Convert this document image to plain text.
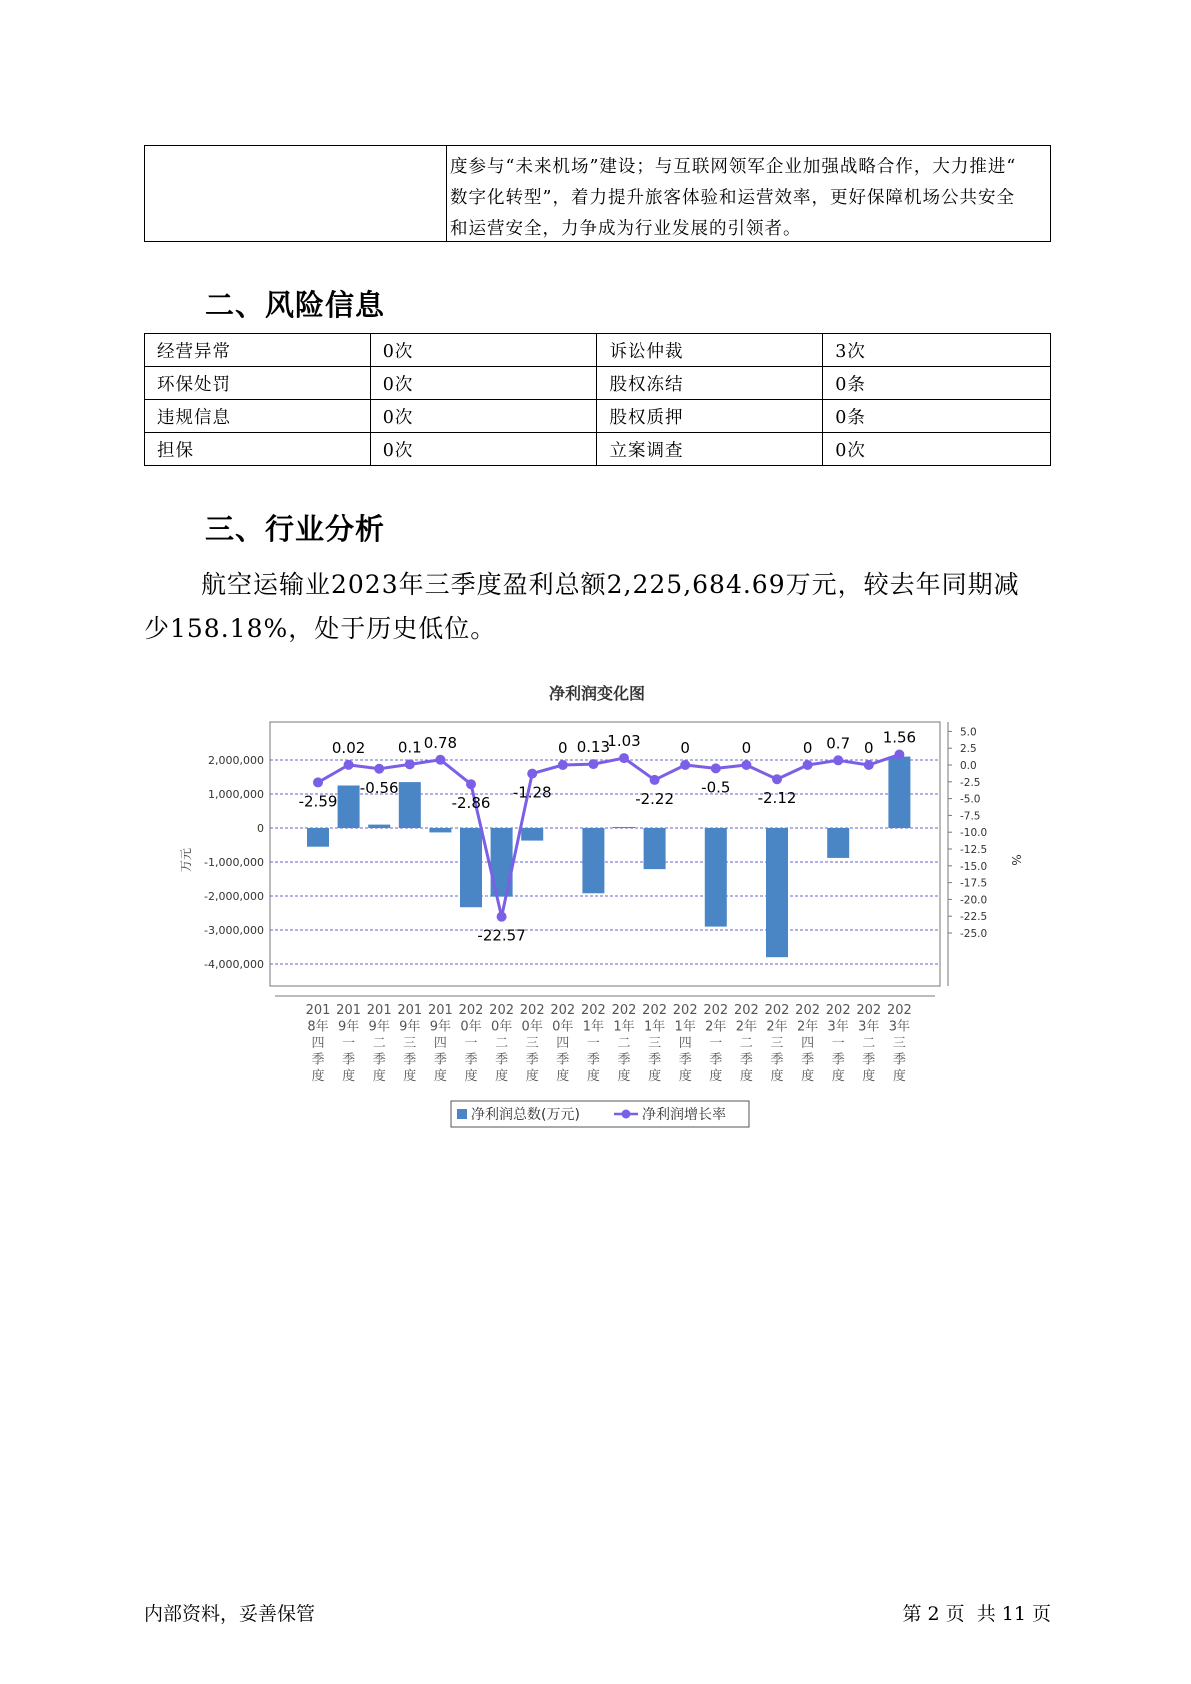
度参与“未来机场”建设；与互联网领军企业加强战略合作，大力推进“
数字化转型”，着力提升旅客体验和运营效率，更好保障机场公共安全
和运营安全，力争成为行业发展的引领者。
二、风险信息
经营异常	0次	诉讼仲裁	3次
环保处罚	0次	股权冻结	0条
违规信息	0次	股权质押	0条
担保	0次	立案调查	0次
三、行业分析
航空运输业2023年三季度盈利总额2,225,684.69万元，较去年同期减
少158.18%，处于历史低位。
净利润变化图
2,000,000
1,000,000
0
-1,000,000
-2,000,000
-3,000,000
-4,000,000
5.0
2.5
0.0
-2.5
-5.0
-7.5
-10.0
-12.5
-15.0
-17.5
-20.0
-22.5
-25.0
-2.59
0.02
-0.56
0.1 0.78
-2.86
-22.57
-1.28
0 0.13
1.03
-2.22
0
-0.5
0
-2.12
0 0.7 0
1.56
201
8年
四
季
度
201
9年
一
季
度
201
9年
二
季
度
201
9年
三
季
度
201
9年
四
季
度
202
0年
一
季
度
202
0年
二
季
度
202
0年
三
季
度
202
0年
四
季
度
202
1年
一
季
度
202
1年
二
季
度
202
1年
三
季
度
202
1年
四
季
度
202
2年
一
季
度
202
2年
二
季
度
202
2年
三
季
度
202
2年
四
季
度
202
3年
一
季
度
202
3年
二
季
度
202
3年
三
季
度
万元	%
净利润总数(万元)	净利润增长率
内部资料，妥善保管	第 2 页  共 11 页
